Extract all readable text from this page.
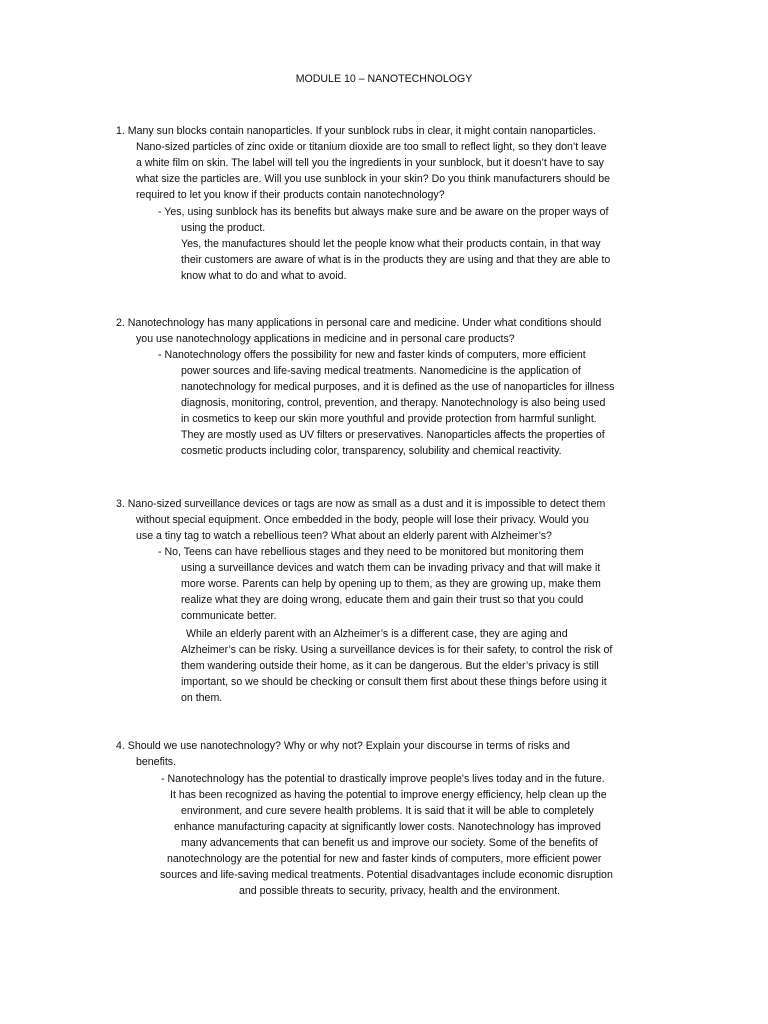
MODULE 10 – NANOTECHNOLOGY
1. Many sun blocks contain nanoparticles. If your sunblock rubs in clear, it might contain nanoparticles.
Nano-sized particles of zinc oxide or titanium dioxide are too small to reflect light, so they don’t leave
a white film on skin. The label will tell you the ingredients in your sunblock, but it doesn’t have to say
what size the particles are. Will you use sunblock in your skin? Do you think manufacturers should be
required to let you know if their products contain nanotechnology?
- Yes, using sunblock has its benefits but always make sure and be aware on the proper ways of
using the product.
Yes, the manufactures should let the people know what their products contain, in that way
their customers are aware of what is in the products they are using and that they are able to
know what to do and what to avoid.
2. Nanotechnology has many applications in personal care and medicine. Under what conditions should
you use nanotechnology applications in medicine and in personal care products?
- Nanotechnology offers the possibility for new and faster kinds of computers, more efficient
power sources and life-saving medical treatments. Nanomedicine is the application of
nanotechnology for medical purposes, and it is defined as the use of nanoparticles for illness
diagnosis, monitoring, control, prevention, and therapy. Nanotechnology is also being used
in cosmetics to keep our skin more youthful and provide protection from harmful sunlight.
They are mostly used as UV filters or preservatives. Nanoparticles affects the properties of
cosmetic products including color, transparency, solubility and chemical reactivity.
3. Nano-sized surveillance devices or tags are now as small as a dust and it is impossible to detect them
without special equipment. Once embedded in the body, people will lose their privacy. Would you
use a tiny tag to watch a rebellious teen? What about an elderly parent with Alzheimer’s?
- No, Teens can have rebellious stages and they need to be monitored but monitoring them
using a surveillance devices and watch them can be invading privacy and that will make it
more worse. Parents can help by opening up to them, as they are growing up, make them
realize what they are doing wrong, educate them and gain their trust so that you could
communicate better.
While an elderly parent with an Alzheimer’s is a different case, they are aging and
Alzheimer’s can be risky. Using a surveillance devices is for their safety, to control the risk of
them wandering outside their home, as it can be dangerous. But the elder’s privacy is still
important, so we should be checking or consult them first about these things before using it
on them.
4. Should we use nanotechnology? Why or why not? Explain your discourse in terms of risks and
benefits.
- Nanotechnology has the potential to drastically improve people's lives today and in the future.
It has been recognized as having the potential to improve energy efficiency, help clean up the
environment, and cure severe health problems. It is said that it will be able to completely
enhance manufacturing capacity at significantly lower costs. Nanotechnology has improved
many advancements that can benefit us and improve our society. Some of the benefits of
nanotechnology are the potential for new and faster kinds of computers, more efficient power
sources and life-saving medical treatments. Potential disadvantages include economic disruption
and possible threats to security, privacy, health and the environment.
